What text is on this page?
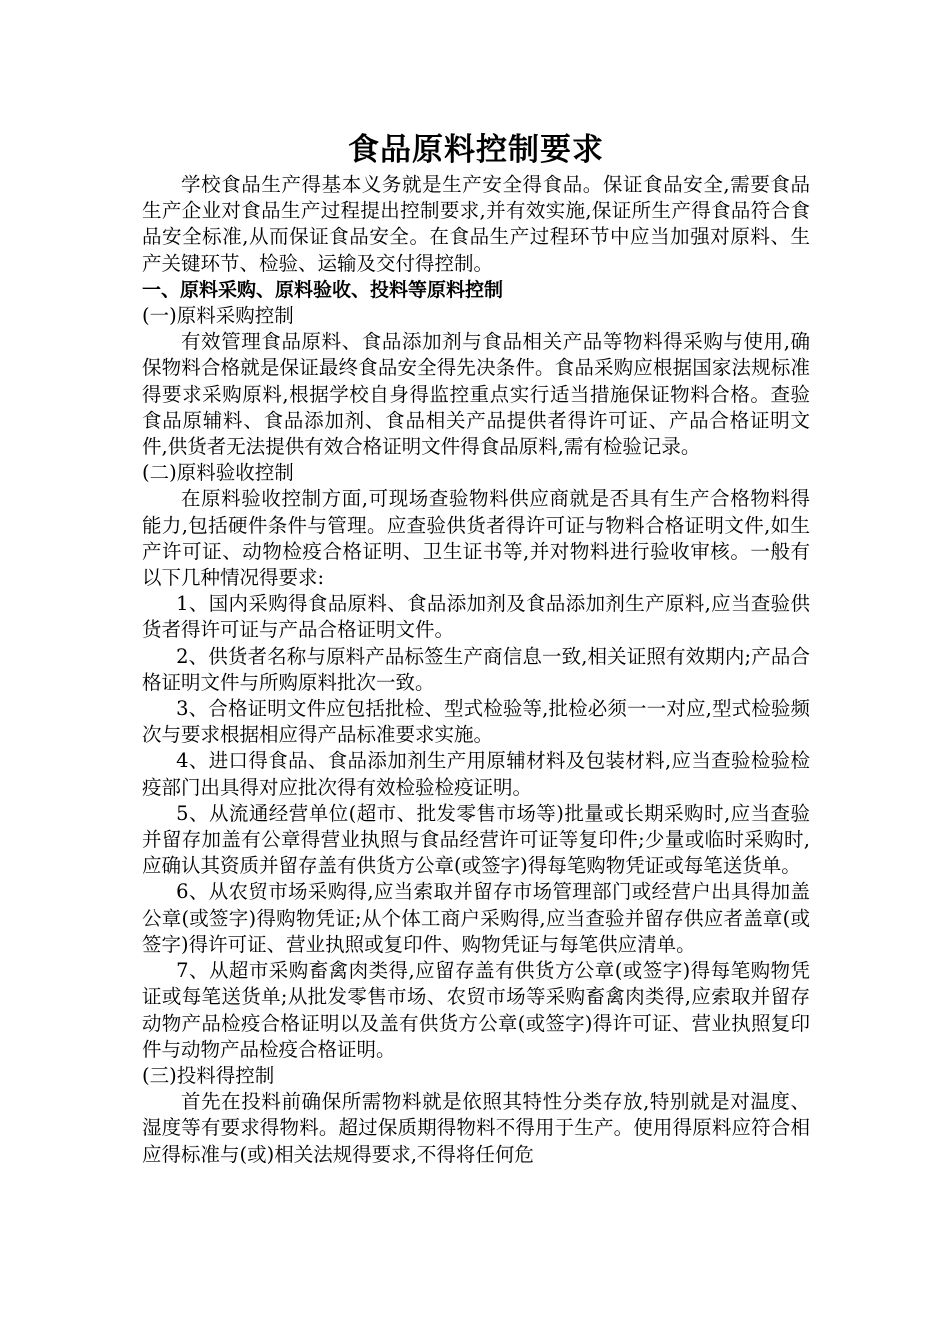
食品原料控制要求

学校食品生产得基本义务就是生产安全得食品。保证食品安全,需要食品生产企业对食品生产过程提出控制要求,并有效实施,保证所生产得食品符合食品安全标准,从而保证食品安全。在食品生产过程环节中应当加强对原料、生产关键环节、检验、运输及交付得控制。

一、原料采购、原料验收、投料等原料控制

(一)原料采购控制

有效管理食品原料、食品添加剂与食品相关产品等物料得采购与使用,确保物料合格就是保证最终食品安全得先决条件。食品采购应根据国家法规标准得要求采购原料,根据学校自身得监控重点实行适当措施保证物料合格。查验食品原辅料、食品添加剂、食品相关产品提供者得许可证、产品合格证明文件,供货者无法提供有效合格证明文件得食品原料,需有检验记录。

(二)原料验收控制

在原料验收控制方面,可现场查验物料供应商就是否具有生产合格物料得能力,包括硬件条件与管理。应查验供货者得许可证与物料合格证明文件,如生产许可证、动物检疫合格证明、卫生证书等,并对物料进行验收审核。一般有以下几种情况得要求:

1、国内采购得食品原料、食品添加剂及食品添加剂生产原料,应当查验供货者得许可证与产品合格证明文件。

2、供货者名称与原料产品标签生产商信息一致,相关证照有效期内;产品合格证明文件与所购原料批次一致。

3、合格证明文件应包括批检、型式检验等,批检必须一一对应,型式检验频次与要求根据相应得产品标准要求实施。

4、进口得食品、食品添加剂生产用原辅材料及包装材料,应当查验检验检疫部门出具得对应批次得有效检验检疫证明。

5、从流通经营单位(超市、批发零售市场等)批量或长期采购时,应当查验并留存加盖有公章得营业执照与食品经营许可证等复印件;少量或临时采购时,应确认其资质并留存盖有供货方公章(或签字)得每笔购物凭证或每笔送货单。

6、从农贸市场采购得,应当索取并留存市场管理部门或经营户出具得加盖公章(或签字)得购物凭证;从个体工商户采购得,应当查验并留存供应者盖章(或签字)得许可证、营业执照或复印件、购物凭证与每笔供应清单。

7、从超市采购畜禽肉类得,应留存盖有供货方公章(或签字)得每笔购物凭证或每笔送货单;从批发零售市场、农贸市场等采购畜禽肉类得,应索取并留存动物产品检疫合格证明以及盖有供货方公章(或签字)得许可证、营业执照复印件与动物产品检疫合格证明。

(三)投料得控制

首先在投料前确保所需物料就是依照其特性分类存放,特别就是对温度、湿度等有要求得物料。超过保质期得物料不得用于生产。使用得原料应符合相应得标准与(或)相关法规得要求,不得将任何危
